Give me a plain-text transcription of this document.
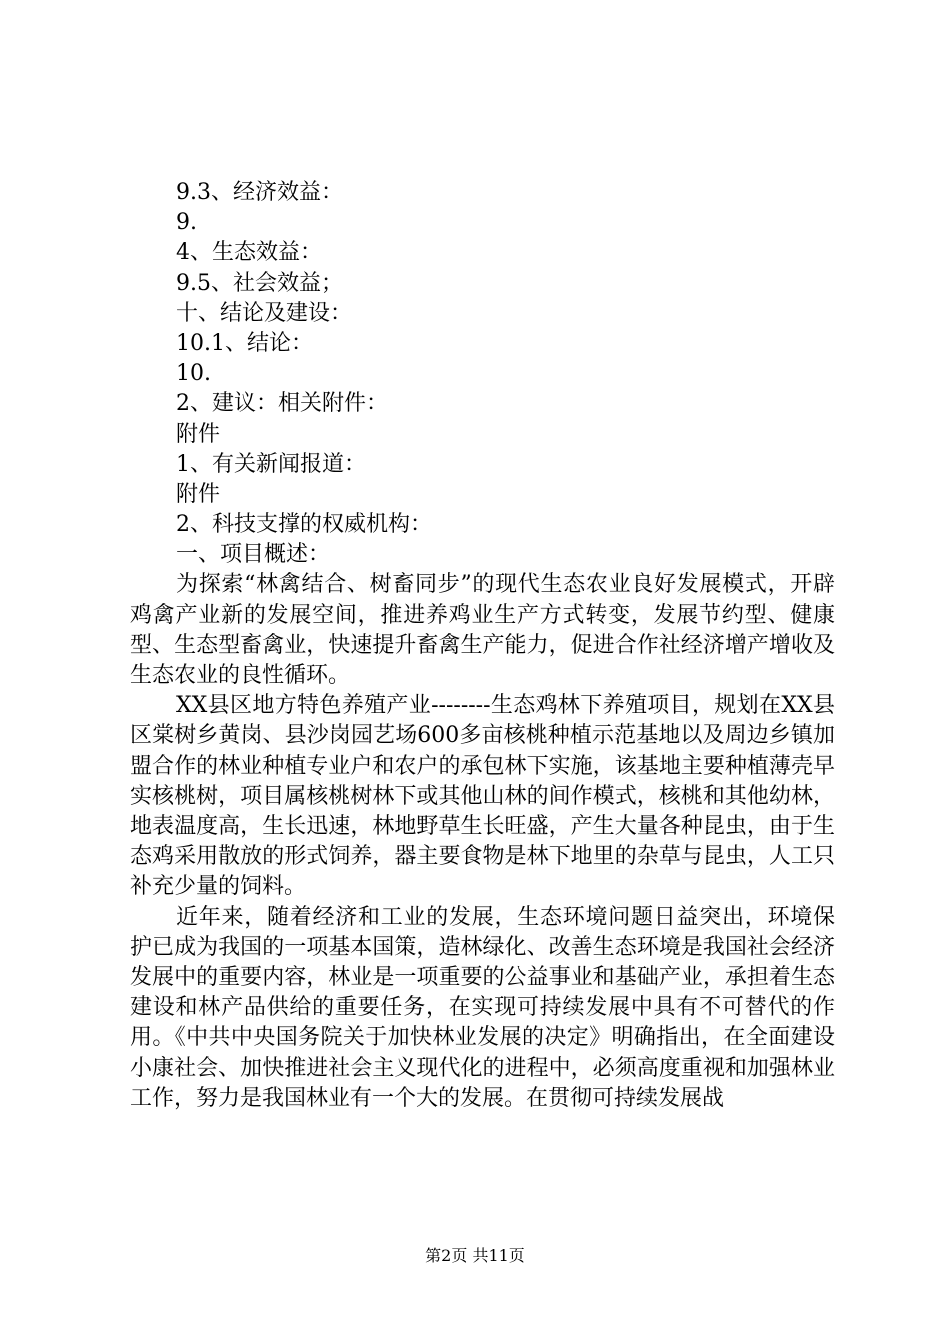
9.3、经济效益：
9.
4、生态效益：
9.5、社会效益；
十、结论及建设：
10.1、结论：
10.
2、建议：相关附件：
附件
1、有关新闻报道：
附件
2、科技支撑的权威机构：
一、项目概述：

为探索“林禽结合、树畜同步”的现代生态农业良好发展模式，开辟鸡禽产业新的发展空间，推进养鸡业生产方式转变，发展节约型、健康型、生态型畜禽业，快速提升畜禽生产能力，促进合作社经济增产增收及生态农业的良性循环。

XX县区地方特色养殖产业--------生态鸡林下养殖项目，规划在XX县区棠树乡黄岗、县沙岗园艺场600多亩核桃种植示范基地以及周边乡镇加盟合作的林业种植专业户和农户的承包林下实施，该基地主要种植薄壳早实核桃树，项目属核桃树林下或其他山林的间作模式，核桃和其他幼林，地表温度高，生长迅速，林地野草生长旺盛，产生大量各种昆虫，由于生态鸡采用散放的形式饲养，器主要食物是林下地里的杂草与昆虫，人工只补充少量的饲料。

近年来，随着经济和工业的发展，生态环境问题日益突出，环境保护已成为我国的一项基本国策，造林绿化、改善生态环境是我国社会经济发展中的重要内容，林业是一项重要的公益事业和基础产业，承担着生态建设和林产品供给的重要任务，在实现可持续发展中具有不可替代的作用。《中共中央国务院关于加快林业发展的决定》明确指出，在全面建设小康社会、加快推进社会主义现代化的进程中，必须高度重视和加强林业工作，努力是我国林业有一个大的发展。在贯彻可持续发展战

第2页 共11页
